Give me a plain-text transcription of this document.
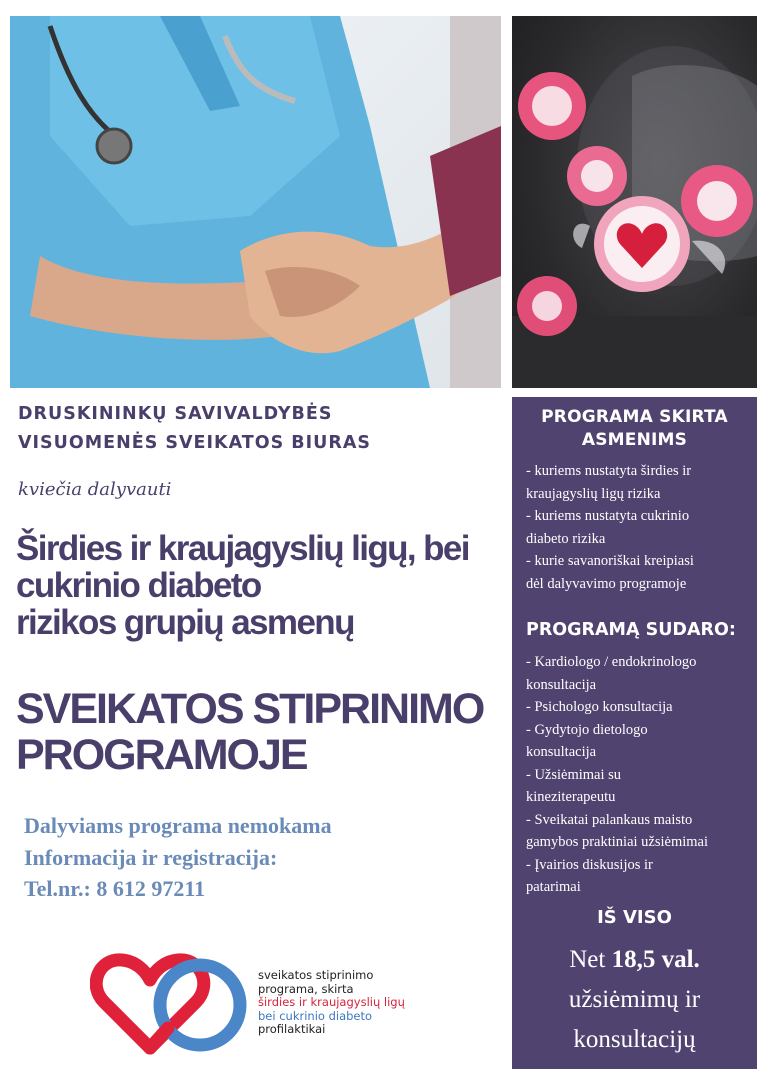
DRUSKININKŲ SAVIVALDYBĖS
VISUOMENĖS SVEIKATOS BIURAS
kviečia dalyvauti
Širdies ir kraujagyslių ligų, bei
cukrinio diabeto
rizikos grupių asmenų
SVEIKATOS STIPRINIMO
PROGRAMOJE
Dalyviams programa nemokama
Informacija ir registracija:
Tel.nr.: 8 612 97211
sveikatos stiprinimo
programa, skirta
širdies ir kraujagyslių ligų
bei cukrinio diabeto
profilaktikai
PROGRAMA SKIRTA
ASMENIMS
- kuriems nustatyta širdies ir
kraujagyslių ligų rizika
- kuriems nustatyta cukrinio
diabeto rizika
- kurie savanoriškai kreipiasi
dėl dalyvavimo programoje
PROGRAMĄ SUDARO:
- Kardiologo / endokrinologo
konsultacija
- Psichologo konsultacija
- Gydytojo dietologo
konsultacija
- Užsiėmimai su
kineziterapeutu
- Sveikatai palankaus maisto
gamybos praktiniai užsiėmimai
- Įvairios diskusijos ir
patarimai
IŠ VISO
Net 18,5 val.
užsiėmimų ir
konsultacijų
